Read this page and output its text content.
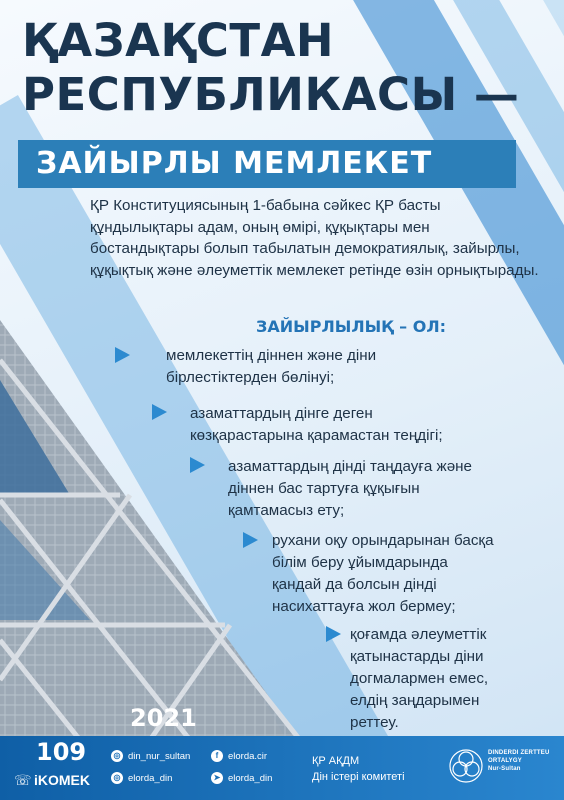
ҚАЗАҚСТАН
РЕСПУБЛИКАСЫ —
ЗАЙЫРЛЫ МЕМЛЕКЕТ
ҚР Конституциясының 1-бабына сәйкес ҚР басты құндылықтары адам, оның өмірі, құқықтары мен бостандықтары болып табылатын демократиялық, зайырлы, құқықтық және әлеуметтік мемлекет ретінде өзін орнықтырады.
ЗАЙЫРЛЫЛЫҚ – ОЛ:
мемлекеттің діннен және діни
бірлестіктерден бөлінуі;
азаматтардың дінге деген
көзқарастарына қарамастан теңдігі;
азаматтардың дінді таңдауға және
діннен бас тартуға құқығын
қамтамасыз ету;
рухани оқу орындарынан басқа
білім беру ұйымдарында
қандай да болсын дінді
насихаттауға жол бермеу;
қоғамда әлеуметтік
қатынастарды діни
догмалармен емес,
елдің заңдарымен
реттеу.
2021
☏
109
iKOMEK
◎ din_nur_sultan	f	elorda.cir
◎ elorda_din	➤ elorda_din
ҚР АҚДМ
Дін істері комитеті
DINDERDI ZERTTEU
ORTALYGY
Nur-Sultan
